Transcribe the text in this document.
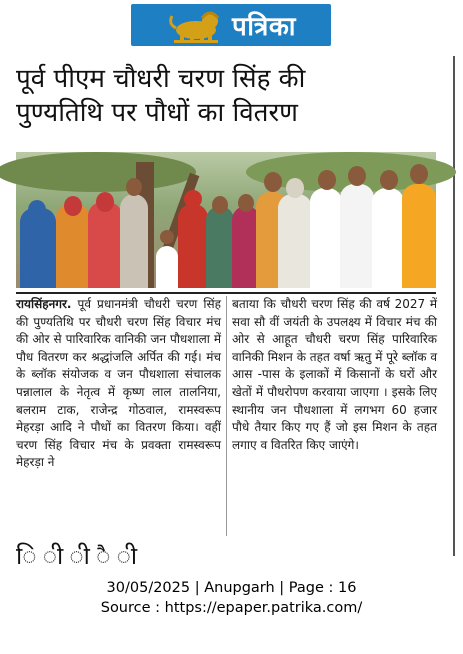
पत्रिका
पूर्व पीएम चौधरी चरण सिंह की
पुण्यतिथि पर पौधों का वितरण
रायसिंहनगर. पूर्व प्रधानमंत्री चौधरी चरण सिंह की पुण्यतिथि पर चौधरी चरण सिंह विचार मंच की ओर से पारिवारिक वानिकी जन पौधशाला में पौध वितरण कर श्रद्धांजलि अर्पित की गई। मंच के ब्लॉक संयोजक व जन पौधशाला संचालक पन्नालाल के नेतृत्व में कृष्ण लाल तालनिया, बलराम टाक, राजेन्द्र गोठवाल, रामस्वरूप मेहरड़ा आदि ने पौधों का वितरण किया। वहीं चरण सिंह विचार मंच के प्रवक्ता रामस्वरूप मेहरड़ा ने
बताया कि चौधरी चरण सिंह की वर्ष 2027 में सवा सौ वीं जयंती के उपलक्ष्य में विचार मंच की ओर से आहूत चौधरी चरण सिंह पारिवारिक वानिकी मिशन के तहत वर्षा ऋतु में पूरे ब्लॉक व आस -पास के इलाकों में किसानों के घरों और खेतों में पौधरोपण करवाया जाएगा । इसके लिए स्थानीय जन पौधशाला में लगभग 60 हजार पौधे तैयार किए गए हैं जो इस मिशन के तहत लगाए व वितरित किए जाएंगे।
ि ी ी ै ी
30/05/2025 | Anupgarh | Page : 16
Source : https://epaper.patrika.com/
